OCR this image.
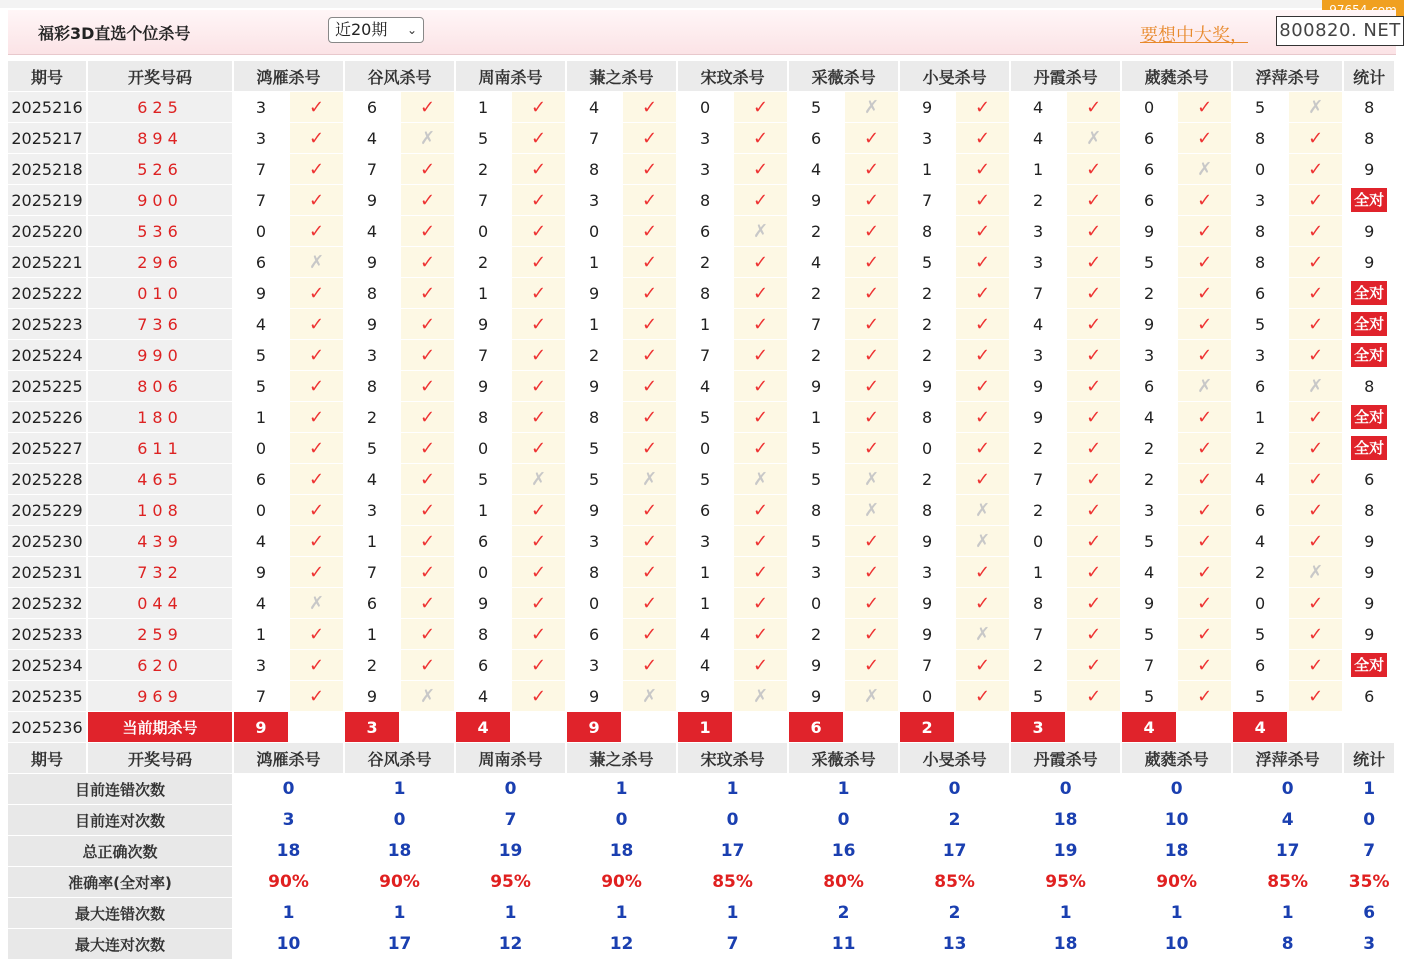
福彩3D直选个位杀号	近20期 ⌄	要想中大奖， 800820. NET
期号	开奖号码	鸿雁杀号		谷风杀号		周南杀号		蒹之杀号		宋玟杀号		采薇杀号		小旻杀号		丹霞杀号		葳蕤杀号		浮萍杀号		统计
2025216	625	3	✓	6	✓	1	✓	4	✓	0	✓	5	✗	9	✓	4	✓	0	✓	5	✗	8
2025217	894	3	✓	4	✗	5	✓	7	✓	3	✓	6	✓	3	✓	4	✗	6	✓	8	✓	8
2025218	526	7	✓	7	✓	2	✓	8	✓	3	✓	4	✓	1	✓	1	✓	6	✗	0	✓	9
2025219	900	7	✓	9	✓	7	✓	3	✓	8	✓	9	✓	7	✓	2	✓	6	✓	3	✓	全对
2025220	536	0	✓	4	✓	0	✓	0	✓	6	✗	2	✓	8	✓	3	✓	9	✓	8	✓	9
2025221	296	6	✗	9	✓	2	✓	1	✓	2	✓	4	✓	5	✓	3	✓	5	✓	8	✓	9
2025222	010	9	✓	8	✓	1	✓	9	✓	8	✓	2	✓	2	✓	7	✓	2	✓	6	✓	全对
2025223	736	4	✓	9	✓	9	✓	1	✓	1	✓	7	✓	2	✓	4	✓	9	✓	5	✓	全对
2025224	990	5	✓	3	✓	7	✓	2	✓	7	✓	2	✓	2	✓	3	✓	3	✓	3	✓	全对
2025225	806	5	✓	8	✓	9	✓	9	✓	4	✓	9	✓	9	✓	9	✓	6	✗	6	✗	8
2025226	180	1	✓	2	✓	8	✓	8	✓	5	✓	1	✓	8	✓	9	✓	4	✓	1	✓	全对
2025227	611	0	✓	5	✓	0	✓	5	✓	0	✓	5	✓	0	✓	2	✓	2	✓	2	✓	全对
2025228	465	6	✓	4	✓	5	✗	5	✗	5	✗	5	✗	2	✓	7	✓	2	✓	4	✓	6
2025229	108	0	✓	3	✓	1	✓	9	✓	6	✓	8	✗	8	✗	2	✓	3	✓	6	✓	8
2025230	439	4	✓	1	✓	6	✓	3	✓	3	✓	5	✓	9	✗	0	✓	5	✓	4	✓	9
2025231	732	9	✓	7	✓	0	✓	8	✓	1	✓	3	✓	3	✓	1	✓	4	✓	2	✗	9
2025232	044	4	✗	6	✓	9	✓	0	✓	1	✓	0	✓	9	✓	8	✓	9	✓	0	✓	9
2025233	259	1	✓	1	✓	8	✓	6	✓	4	✓	2	✓	9	✗	7	✓	5	✓	5	✓	9
2025234	620	3	✓	2	✓	6	✓	3	✓	4	✓	9	✓	7	✓	2	✓	7	✓	6	✓	全对
2025235	969	7	✓	9	✗	4	✓	9	✗	9	✗	9	✗	0	✓	5	✓	5	✓	5	✓	6
2025236	当前期杀号	9		3		4		9		1		6		2		3		4		4		
期号	开奖号码	鸿雁杀号		谷风杀号		周南杀号		蒹之杀号		宋玟杀号		采薇杀号		小旻杀号		丹霞杀号		葳蕤杀号		浮萍杀号		统计
目前连错次数		0		1		0		1		1		1		0		0		0		0		1
目前连对次数		3		0		7		0		0		0		2		18		10		4		0
总正确次数		18		18		19		18		17		16		17		19		18		17		7
准确率(全对率)		90%		90%		95%		90%		85%		80%		85%		95%		90%		85%		35%
最大连错次数		1		1		1		1		1		2		2		1		1		1		6
最大连对次数		10		17		12		12		7		11		13		18		10		8		3
